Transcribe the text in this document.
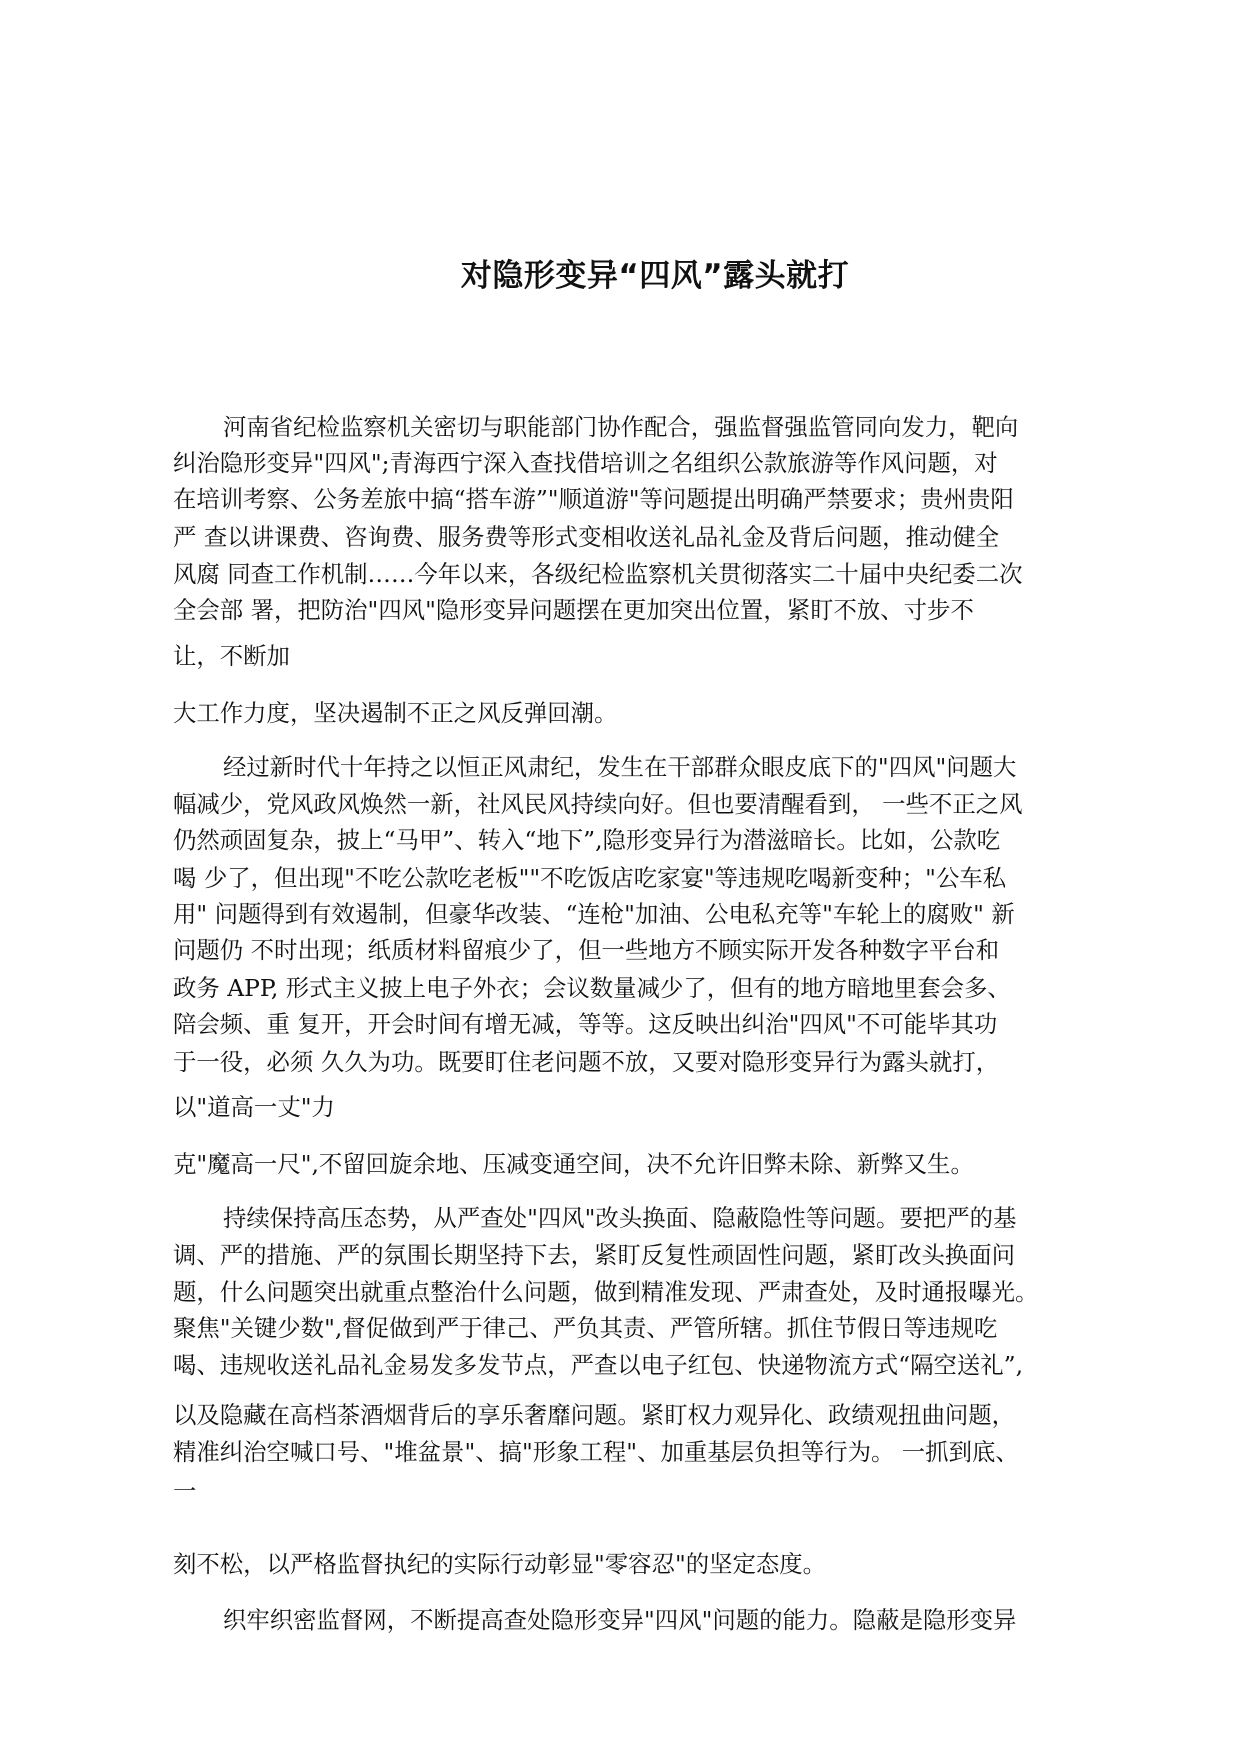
对隐形变异“四风”露头就打

河南省纪检监察机关密切与职能部门协作配合，强监督强监管同向发力，靶向

纠治隐形变异"四风";青海西宁深入查找借培训之名组织公款旅游等作风问题，对

在培训考察、公务差旅中搞“搭车游”"顺道游"等问题提出明确严禁要求；贵州贵阳

严 查以讲课费、咨询费、服务费等形式变相收送礼品礼金及背后问题，推动健全

风腐 同查工作机制……今年以来，各级纪检监察机关贯彻落实二十届中央纪委二次

全会部 署，把防治"四风"隐形变异问题摆在更加突出位置，紧盯不放、寸步不

让，不断加

大工作力度，坚决遏制不正之风反弹回潮。

经过新时代十年持之以恒正风肃纪，发生在干部群众眼皮底下的"四风"问题大

幅减少，党风政风焕然一新，社风民风持续向好。但也要清醒看到， 一些不正之风

仍然顽固复杂，披上“马甲”、转入“地下”,隐形变异行为潜滋暗长。比如，公款吃

喝 少了，但出现"不吃公款吃老板""不吃饭店吃家宴"等违规吃喝新变种；"公车私

用" 问题得到有效遏制，但豪华改装、“连枪"加油、公电私充等"车轮上的腐败" 新

问题仍 不时出现；纸质材料留痕少了，但一些地方不顾实际开发各种数字平台和

政务 APP, 形式主义披上电子外衣；会议数量减少了，但有的地方暗地里套会多、

陪会频、重 复开，开会时间有增无减，等等。这反映出纠治"四风"不可能毕其功

于一役，必须 久久为功。既要盯住老问题不放，又要对隐形变异行为露头就打，

以"道高一丈"力

克"魔高一尺",不留回旋余地、压减变通空间，决不允许旧弊未除、新弊又生。

持续保持高压态势，从严查处"四风"改头换面、隐蔽隐性等问题。要把严的基

调、严的措施、严的氛围长期坚持下去，紧盯反复性顽固性问题，紧盯改头换面问

题，什么问题突出就重点整治什么问题，做到精准发现、严肃查处，及时通报曝光。

聚焦"关键少数",督促做到严于律己、严负其责、严管所辖。抓住节假日等违规吃

喝、违规收送礼品礼金易发多发节点，严查以电子红包、快递物流方式“隔空送礼”,

以及隐藏在高档茶酒烟背后的享乐奢靡问题。紧盯权力观异化、政绩观扭曲问题，

精准纠治空喊口号、"堆盆景"、搞"形象工程"、加重基层负担等行为。 一抓到底、

一

刻不松，以严格监督执纪的实际行动彰显"零容忍"的坚定态度。

织牢织密监督网，不断提高查处隐形变异"四风"问题的能力。隐蔽是隐形变异
